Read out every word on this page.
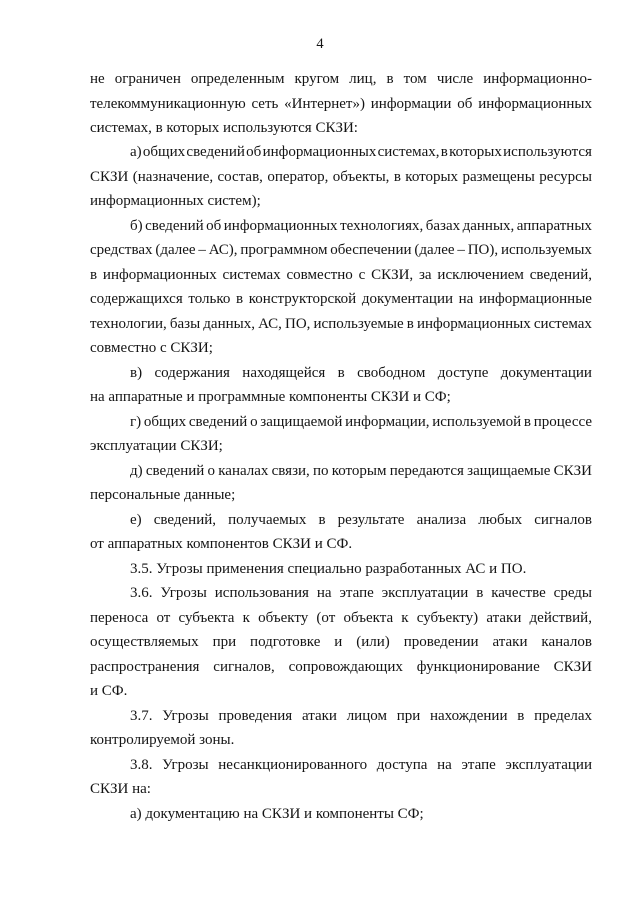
4
не ограничен определенным кругом лиц, в том числе информационно-
телекоммуникационную сеть «Интернет») информации об информационных
системах, в которых используются СКЗИ:
а) общих сведений об информационных системах, в которых используются
СКЗИ (назначение, состав, оператор, объекты, в которых размещены ресурсы
информационных систем);
б) сведений об информационных технологиях, базах данных, аппаратных
средствах (далее – АС), программном обеспечении (далее – ПО), используемых
в информационных системах совместно с СКЗИ, за исключением сведений,
содержащихся только в конструкторской документации на информационные
технологии, базы данных, АС, ПО, используемые в информационных системах
совместно с СКЗИ;
в) содержания находящейся в свободном доступе документации
на аппаратные и программные компоненты СКЗИ и СФ;
г) общих сведений о защищаемой информации, используемой в процессе
эксплуатации СКЗИ;
д) сведений о каналах связи, по которым передаются защищаемые СКЗИ
персональные данные;
е) сведений, получаемых в результате анализа любых сигналов
от аппаратных компонентов СКЗИ и СФ.
3.5. Угрозы применения специально разработанных АС и ПО.
3.6. Угрозы использования на этапе эксплуатации в качестве среды
переноса от субъекта к объекту (от объекта к субъекту) атаки действий,
осуществляемых при подготовке и (или) проведении атаки каналов
распространения сигналов, сопровождающих функционирование СКЗИ
и СФ.
3.7. Угрозы проведения атаки лицом при нахождении в пределах
контролируемой зоны.
3.8. Угрозы несанкционированного доступа на этапе эксплуатации
СКЗИ на:
а) документацию на СКЗИ и компоненты СФ;
